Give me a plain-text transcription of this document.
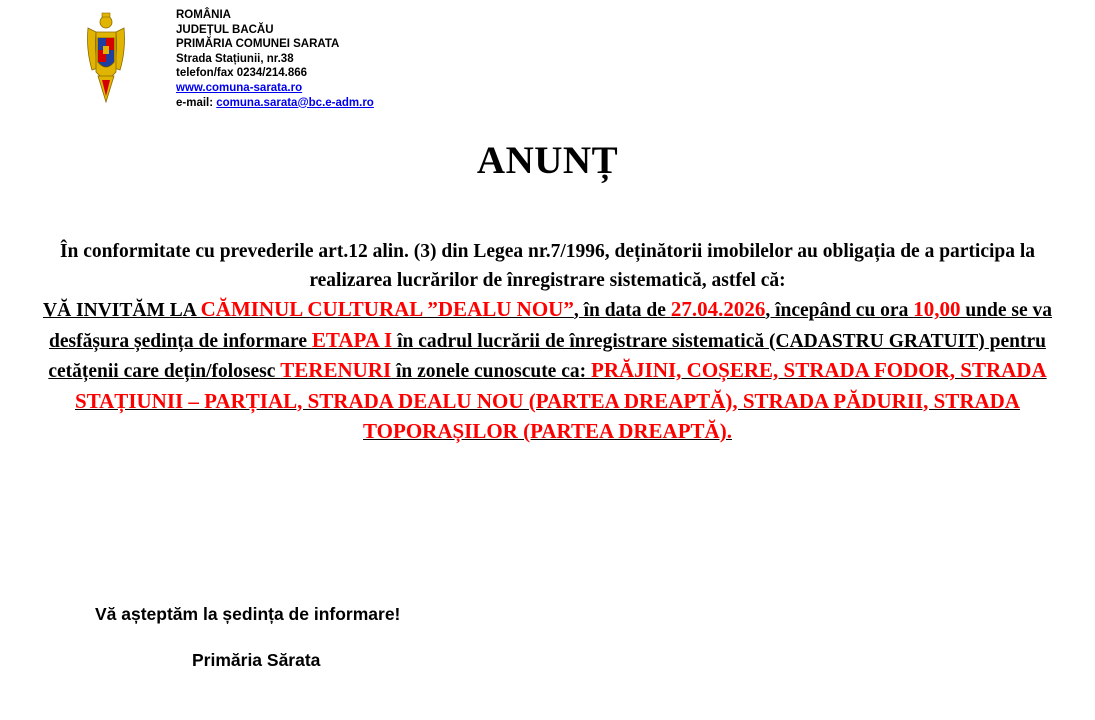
ROMÂNIA
JUDEȚUL BACĂU
PRIMĂRIA COMUNEI SARATA
Strada Stațiunii, nr.38
telefon/fax 0234/214.866
www.comuna-sarata.ro
e-mail: comuna.sarata@bc.e-adm.ro
ANUNȚ

În conformitate cu prevederile art.12 alin. (3) din Legea nr.7/1996, deținătorii imobilelor au obligația de a participa la realizarea lucrărilor de înregistrare sistematică, astfel că:

VĂ INVITĂM LA CĂMINUL CULTURAL ”DEALU NOU”, în data de 27.04.2026, începând cu ora 10,00 unde se va desfășura ședința de informare ETAPA I în cadrul lucrării de înregistrare sistematică (CADASTRU GRATUIT) pentru cetățenii care dețin/folosesc TERENURI în zonele cunoscute ca: PRĂJINI, COȘERE, STRADA FODOR, STRADA STAȚIUNII – PARȚIAL, STRADA DEALU NOU (PARTEA DREAPTĂ), STRADA PĂDURII, STRADA TOPORAȘILOR (PARTEA DREAPTĂ).

Vă așteptăm la ședința de informare!
Primăria Sărata
